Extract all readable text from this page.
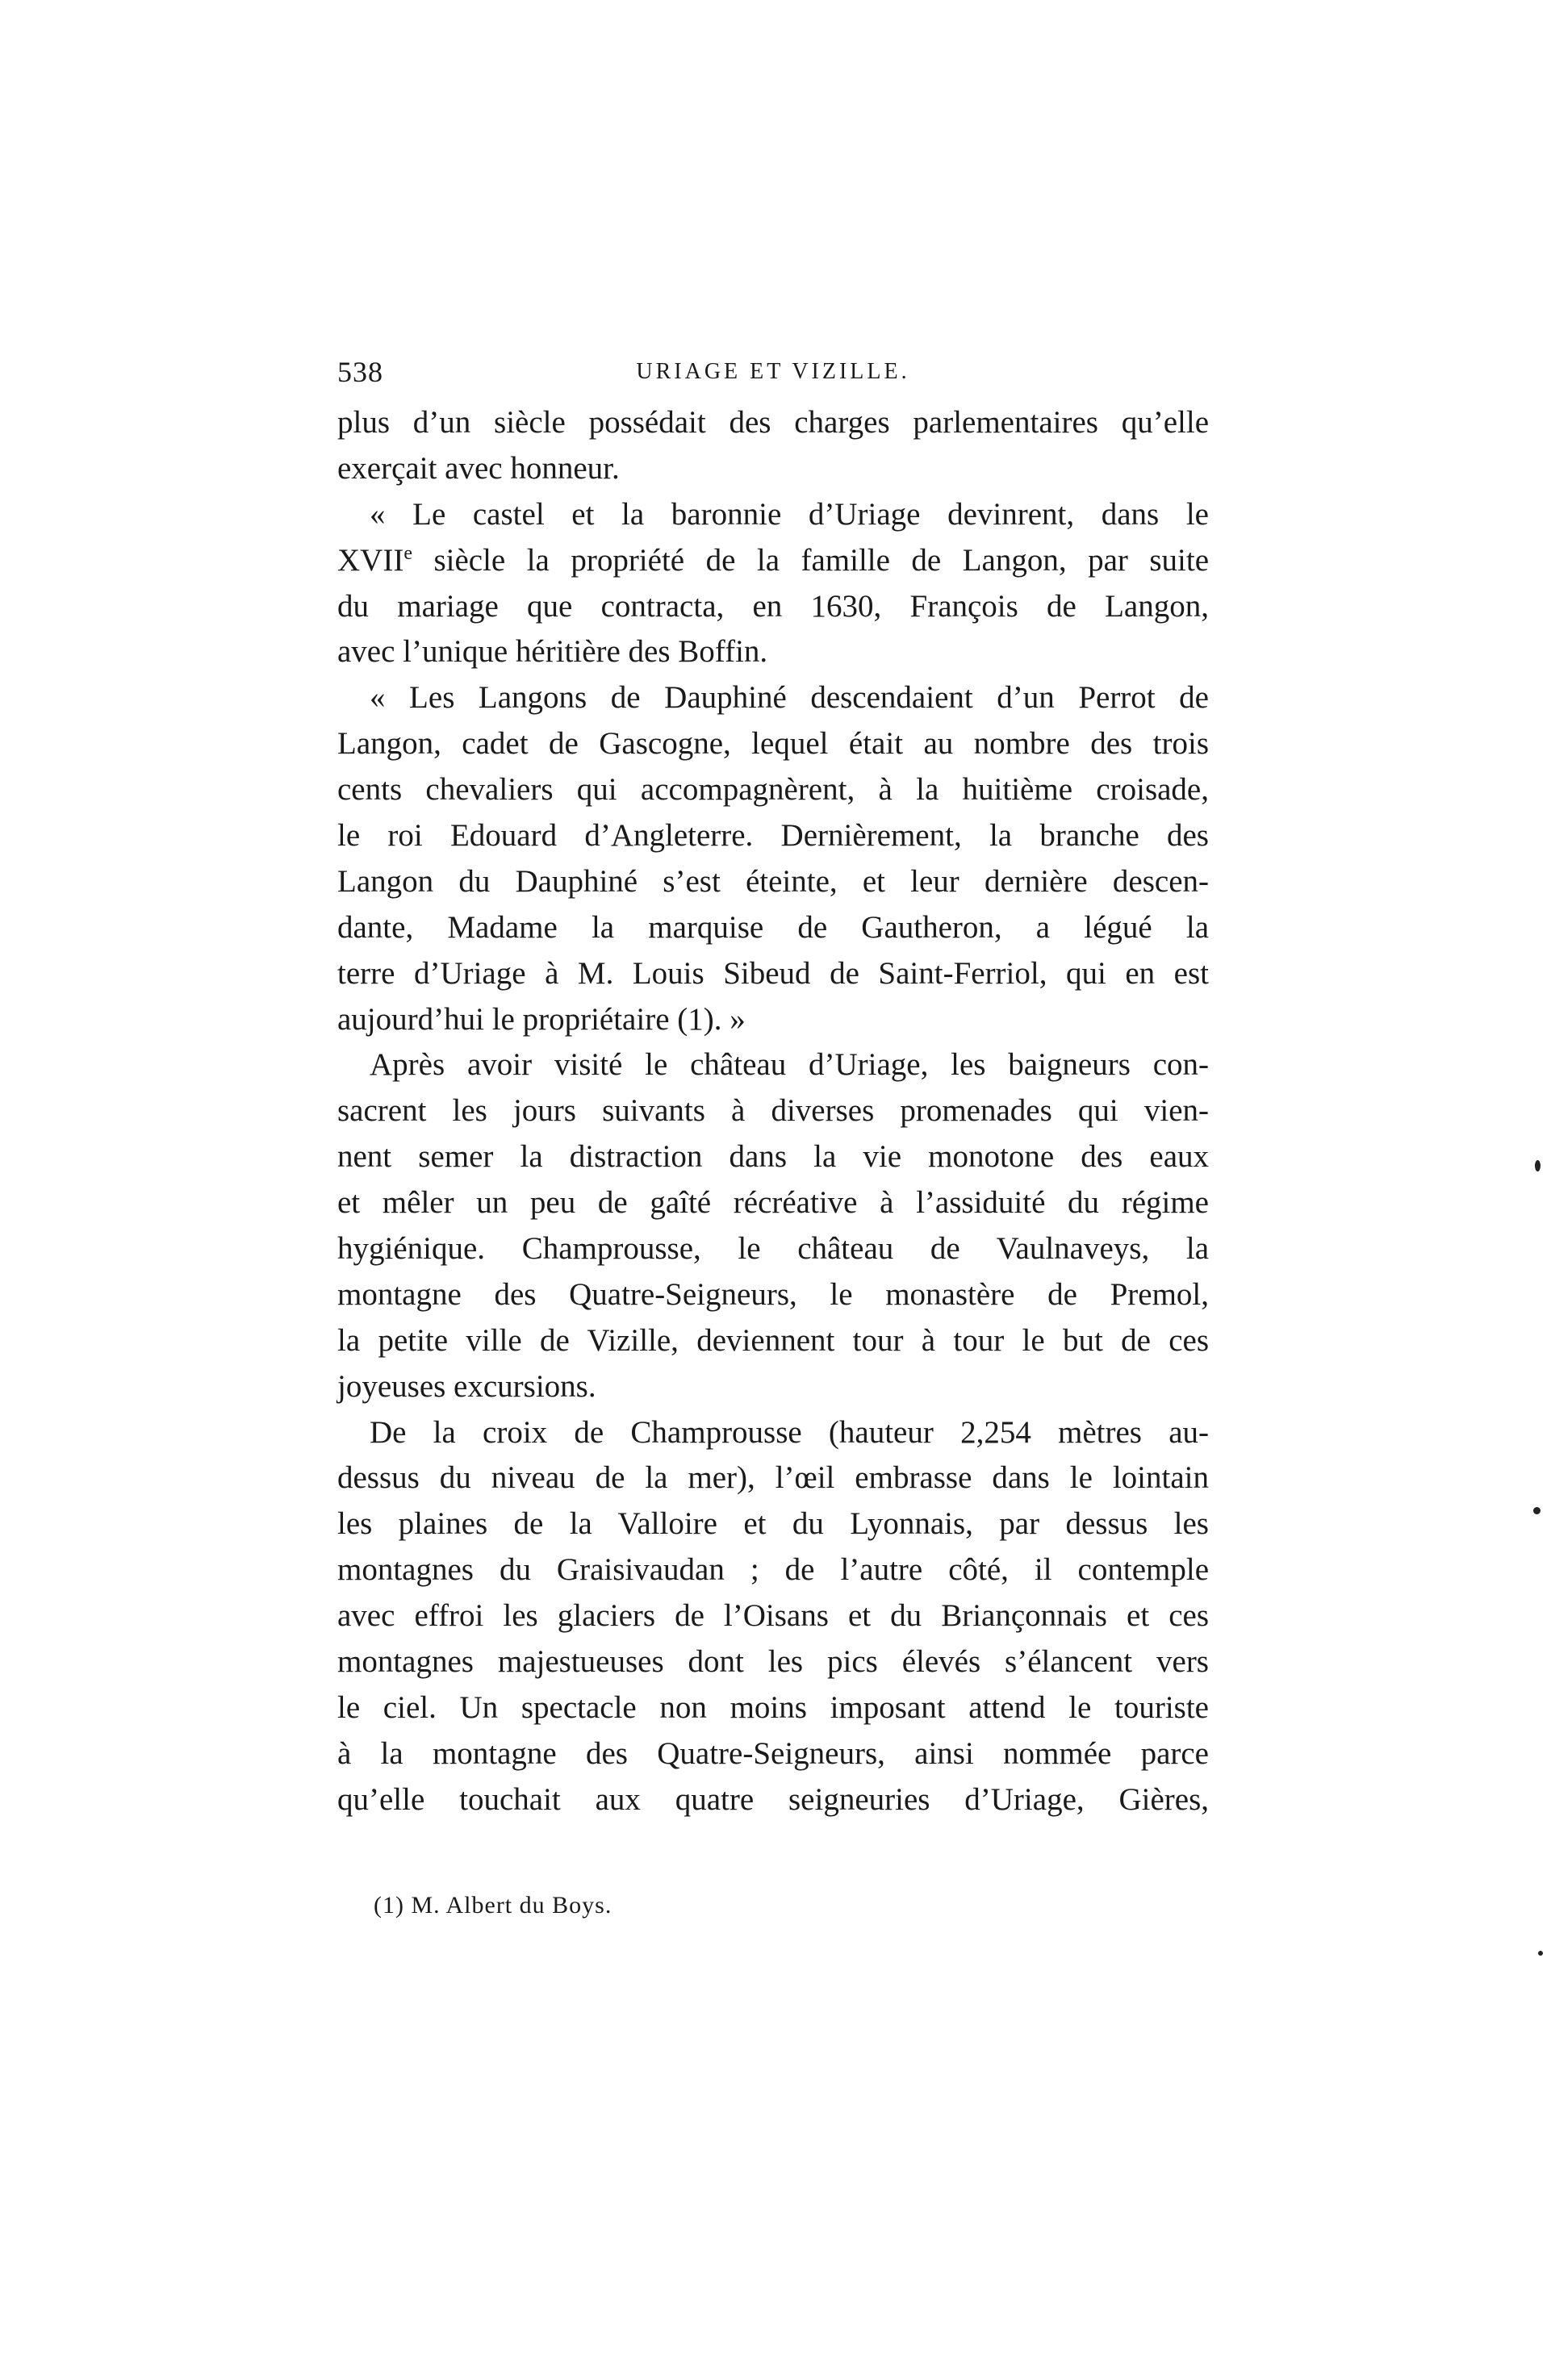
538	URIAGE ET VIZILLE.
plus d’un siècle possédait des charges parlementaires qu’elle
exerçait avec honneur.
« Le castel et la baronnie d’Uriage devinrent, dans le
XVIIe siècle la propriété de la famille de Langon, par suite
du mariage que contracta, en 1630, François de Langon,
avec l’unique héritière des Boffin.
« Les Langons de Dauphiné descendaient d’un Perrot de
Langon, cadet de Gascogne, lequel était au nombre des trois
cents chevaliers qui accompagnèrent, à la huitième croisade,
le roi Edouard d’Angleterre. Dernièrement, la branche des
Langon du Dauphiné s’est éteinte, et leur dernière descen-
dante, Madame la marquise de Gautheron, a légué la
terre d’Uriage à M. Louis Sibeud de Saint-Ferriol, qui en est
aujourd’hui le propriétaire (1). »
Après avoir visité le château d’Uriage, les baigneurs con-
sacrent les jours suivants à diverses promenades qui vien-
nent semer la distraction dans la vie monotone des eaux
et mêler un peu de gaîté récréative à l’assiduité du régime
hygiénique. Champrousse, le château de Vaulnaveys, la
montagne des Quatre-Seigneurs, le monastère de Premol,
la petite ville de Vizille, deviennent tour à tour le but de ces
joyeuses excursions.
De la croix de Champrousse (hauteur 2,254 mètres au-
dessus du niveau de la mer), l’œil embrasse dans le lointain
les plaines de la Valloire et du Lyonnais, par dessus les
montagnes du Graisivaudan ; de l’autre côté, il contemple
avec effroi les glaciers de l’Oisans et du Briançonnais et ces
montagnes majestueuses dont les pics élevés s’élancent vers
le ciel. Un spectacle non moins imposant attend le touriste
à la montagne des Quatre-Seigneurs, ainsi nommée parce
qu’elle touchait aux quatre seigneuries d’Uriage, Gières,
(1) M. Albert du Boys.
